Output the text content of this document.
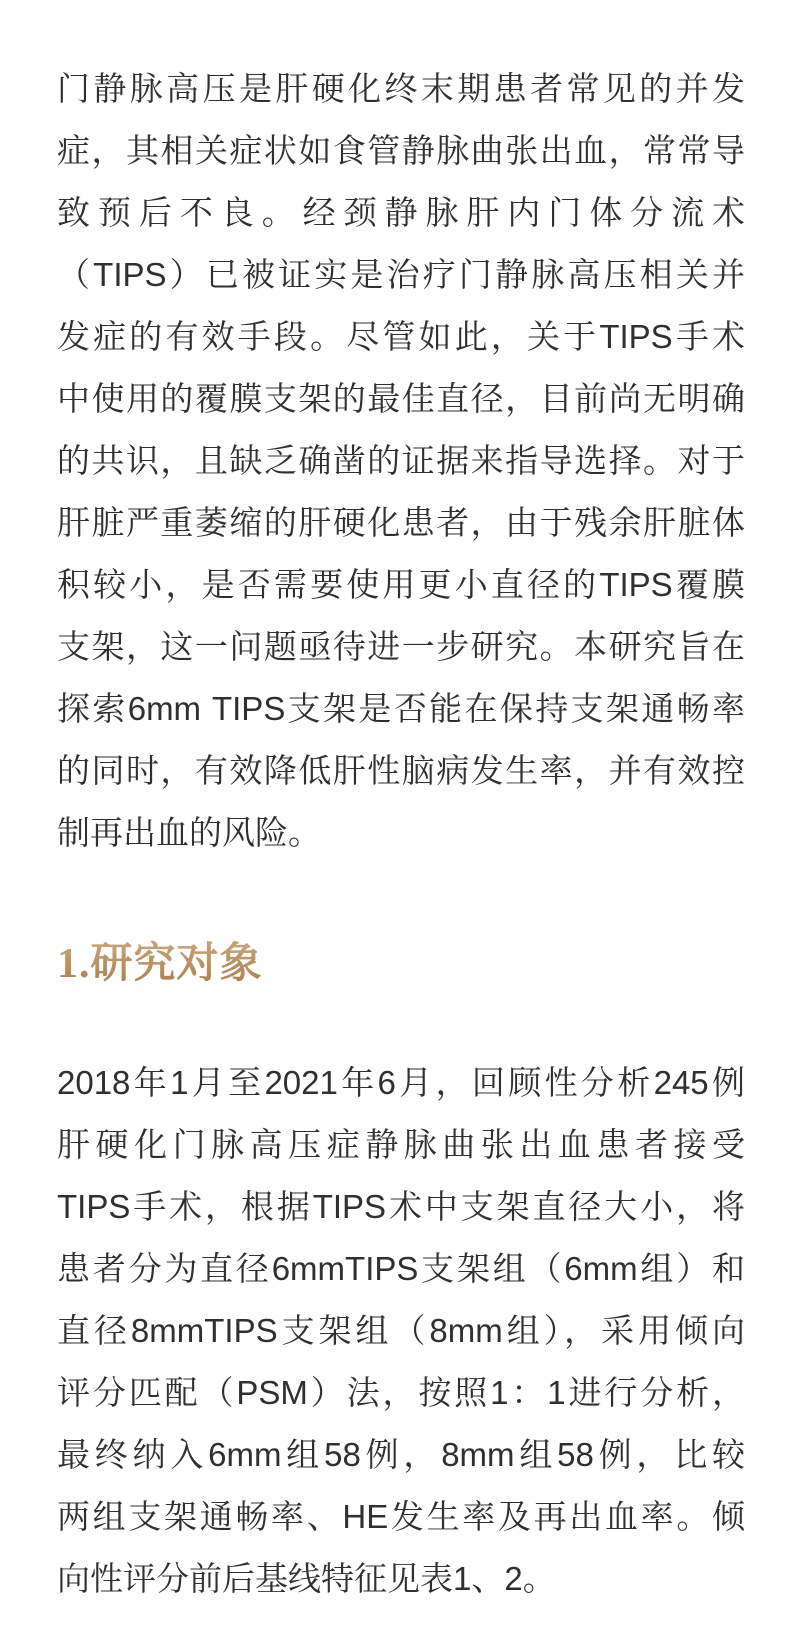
门静脉高压是肝硬化终末期患者常见的并发
症，其相关症状如食管静脉曲张出血，常常导
致预后不良。经颈静脉肝内门体分流术
（TIPS）已被证实是治疗门静脉高压相关并
发症的有效手段。尽管如此，关于TIPS手术
中使用的覆膜支架的最佳直径，目前尚无明确
的共识，且缺乏确凿的证据来指导选择。对于
肝脏严重萎缩的肝硬化患者，由于残余肝脏体
积较小，是否需要使用更小直径的TIPS覆膜
支架，这一问题亟待进一步研究。本研究旨在
探索6mm TIPS支架是否能在保持支架通畅率
的同时，有效降低肝性脑病发生率，并有效控
制再出血的风险。
1.研究对象
2018年1月至2021年6月，回顾性分析245例
肝硬化门脉高压症静脉曲张出血患者接受
TIPS手术，根据TIPS术中支架直径大小，将
患者分为直径6mmTIPS支架组（6mm组）和
直径8mmTIPS支架组（8mm组），采用倾向
评分匹配（PSM）法，按照1：1进行分析，
最终纳入6mm组58例，8mm组58例，比较
两组支架通畅率、HE发生率及再出血率。倾
向性评分前后基线特征见表1、2。
